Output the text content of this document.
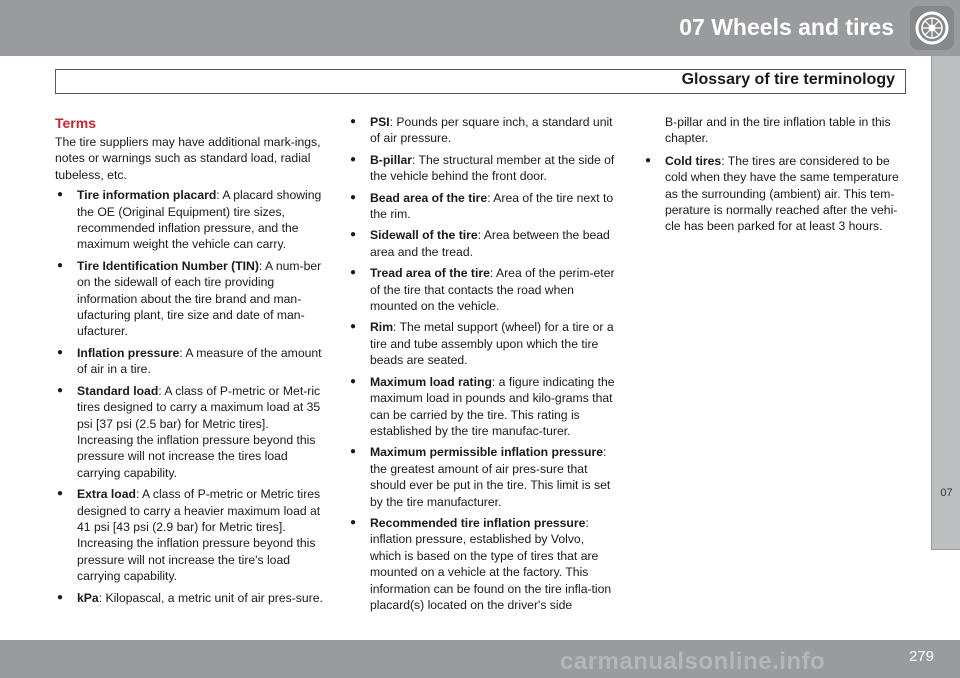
07 Wheels and tires
Glossary of tire terminology
07
Terms
The tire suppliers may have additional mark-ings, notes or warnings such as standard load, radial tubeless, etc.
● Tire information placard: A placard showing the OE (Original Equipment) tire sizes, recommended inflation pressure, and the maximum weight the vehicle can carry.
● Tire Identification Number (TIN): A num-ber on the sidewall of each tire providing information about the tire brand and man-ufacturing plant, tire size and date of man-ufacturer.
● Inflation pressure: A measure of the amount of air in a tire.
● Standard load: A class of P-metric or Met-ric tires designed to carry a maximum load at 35 psi [37 psi (2.5 bar) for Metric tires]. Increasing the inflation pressure beyond this pressure will not increase the tires load carrying capability.
● Extra load: A class of P-metric or Metric tires designed to carry a heavier maximum load at 41 psi [43 psi (2.9 bar) for Metric tires]. Increasing the inflation pressure beyond this pressure will not increase the tire's load carrying capability.
● kPa: Kilopascal, a metric unit of air pres-sure.
● PSI: Pounds per square inch, a standard unit of air pressure.
● B-pillar: The structural member at the side of the vehicle behind the front door.
● Bead area of the tire: Area of the tire next to the rim.
● Sidewall of the tire: Area between the bead area and the tread.
● Tread area of the tire: Area of the perim-eter of the tire that contacts the road when mounted on the vehicle.
● Rim: The metal support (wheel) for a tire or a tire and tube assembly upon which the tire beads are seated.
● Maximum load rating: a figure indicating the maximum load in pounds and kilo-grams that can be carried by the tire. This rating is established by the tire manufac-turer.
● Maximum permissible inflation pressure: the greatest amount of air pres-sure that should ever be put in the tire. This limit is set by the tire manufacturer.
● Recommended tire inflation pressure: inflation pressure, established by Volvo, which is based on the type of tires that are mounted on a vehicle at the factory. This information can be found on the tire infla-tion placard(s) located on the driver's side
B-pillar and in the tire inflation table in this chapter.
● Cold tires: The tires are considered to be cold when they have the same temperature as the surrounding (ambient) air. This tem-perature is normally reached after the vehi-cle has been parked for at least 3 hours.
279
carmanualsonline.info
